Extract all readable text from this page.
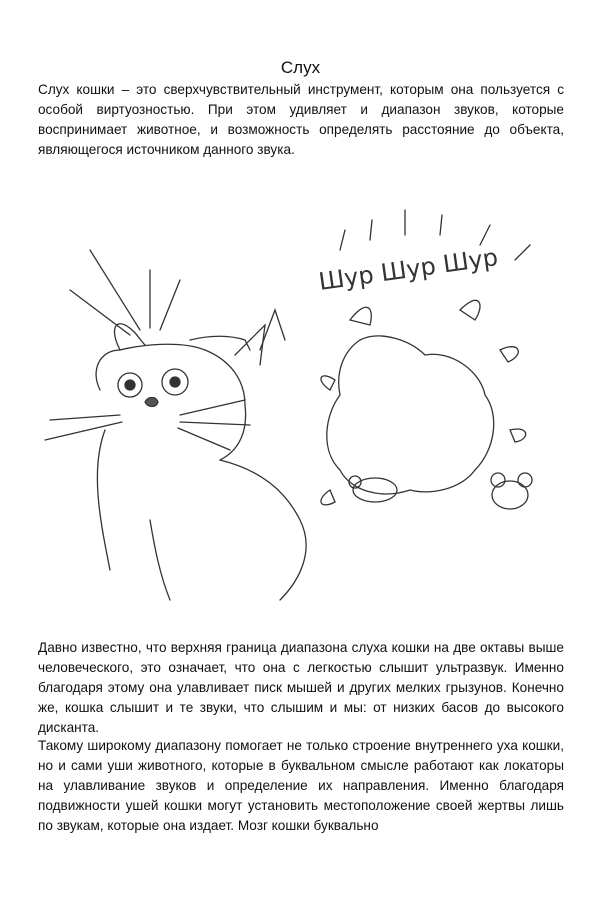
Слух

Слух кошки – это сверхчувствительный инструмент, которым она пользуется с особой виртуозностью. При этом удивляет и диапазон звуков, которые воспринимает животное, и возможность определять расстояние до объекта, являющегося источником данного звука.

Шур Шур Шур

Давно известно, что верхняя граница диапазона слуха кошки на две октавы выше человеческого, это означает, что она с легкостью слышит ультразвук. Именно благодаря этому она улавливает писк мышей и других мелких грызунов. Конечно же, кошка слышит и те звуки, что слышим и мы: от низких басов до высокого дисканта.

Такому широкому диапазону помогает не только строение внутреннего уха кошки, но и сами уши животного, которые в буквальном смысле работают как локаторы на улавливание звуков и определение их направления. Именно благодаря подвижности ушей кошки могут установить местоположение своей жертвы лишь по звукам, которые она издает. Мозг кошки буквально
